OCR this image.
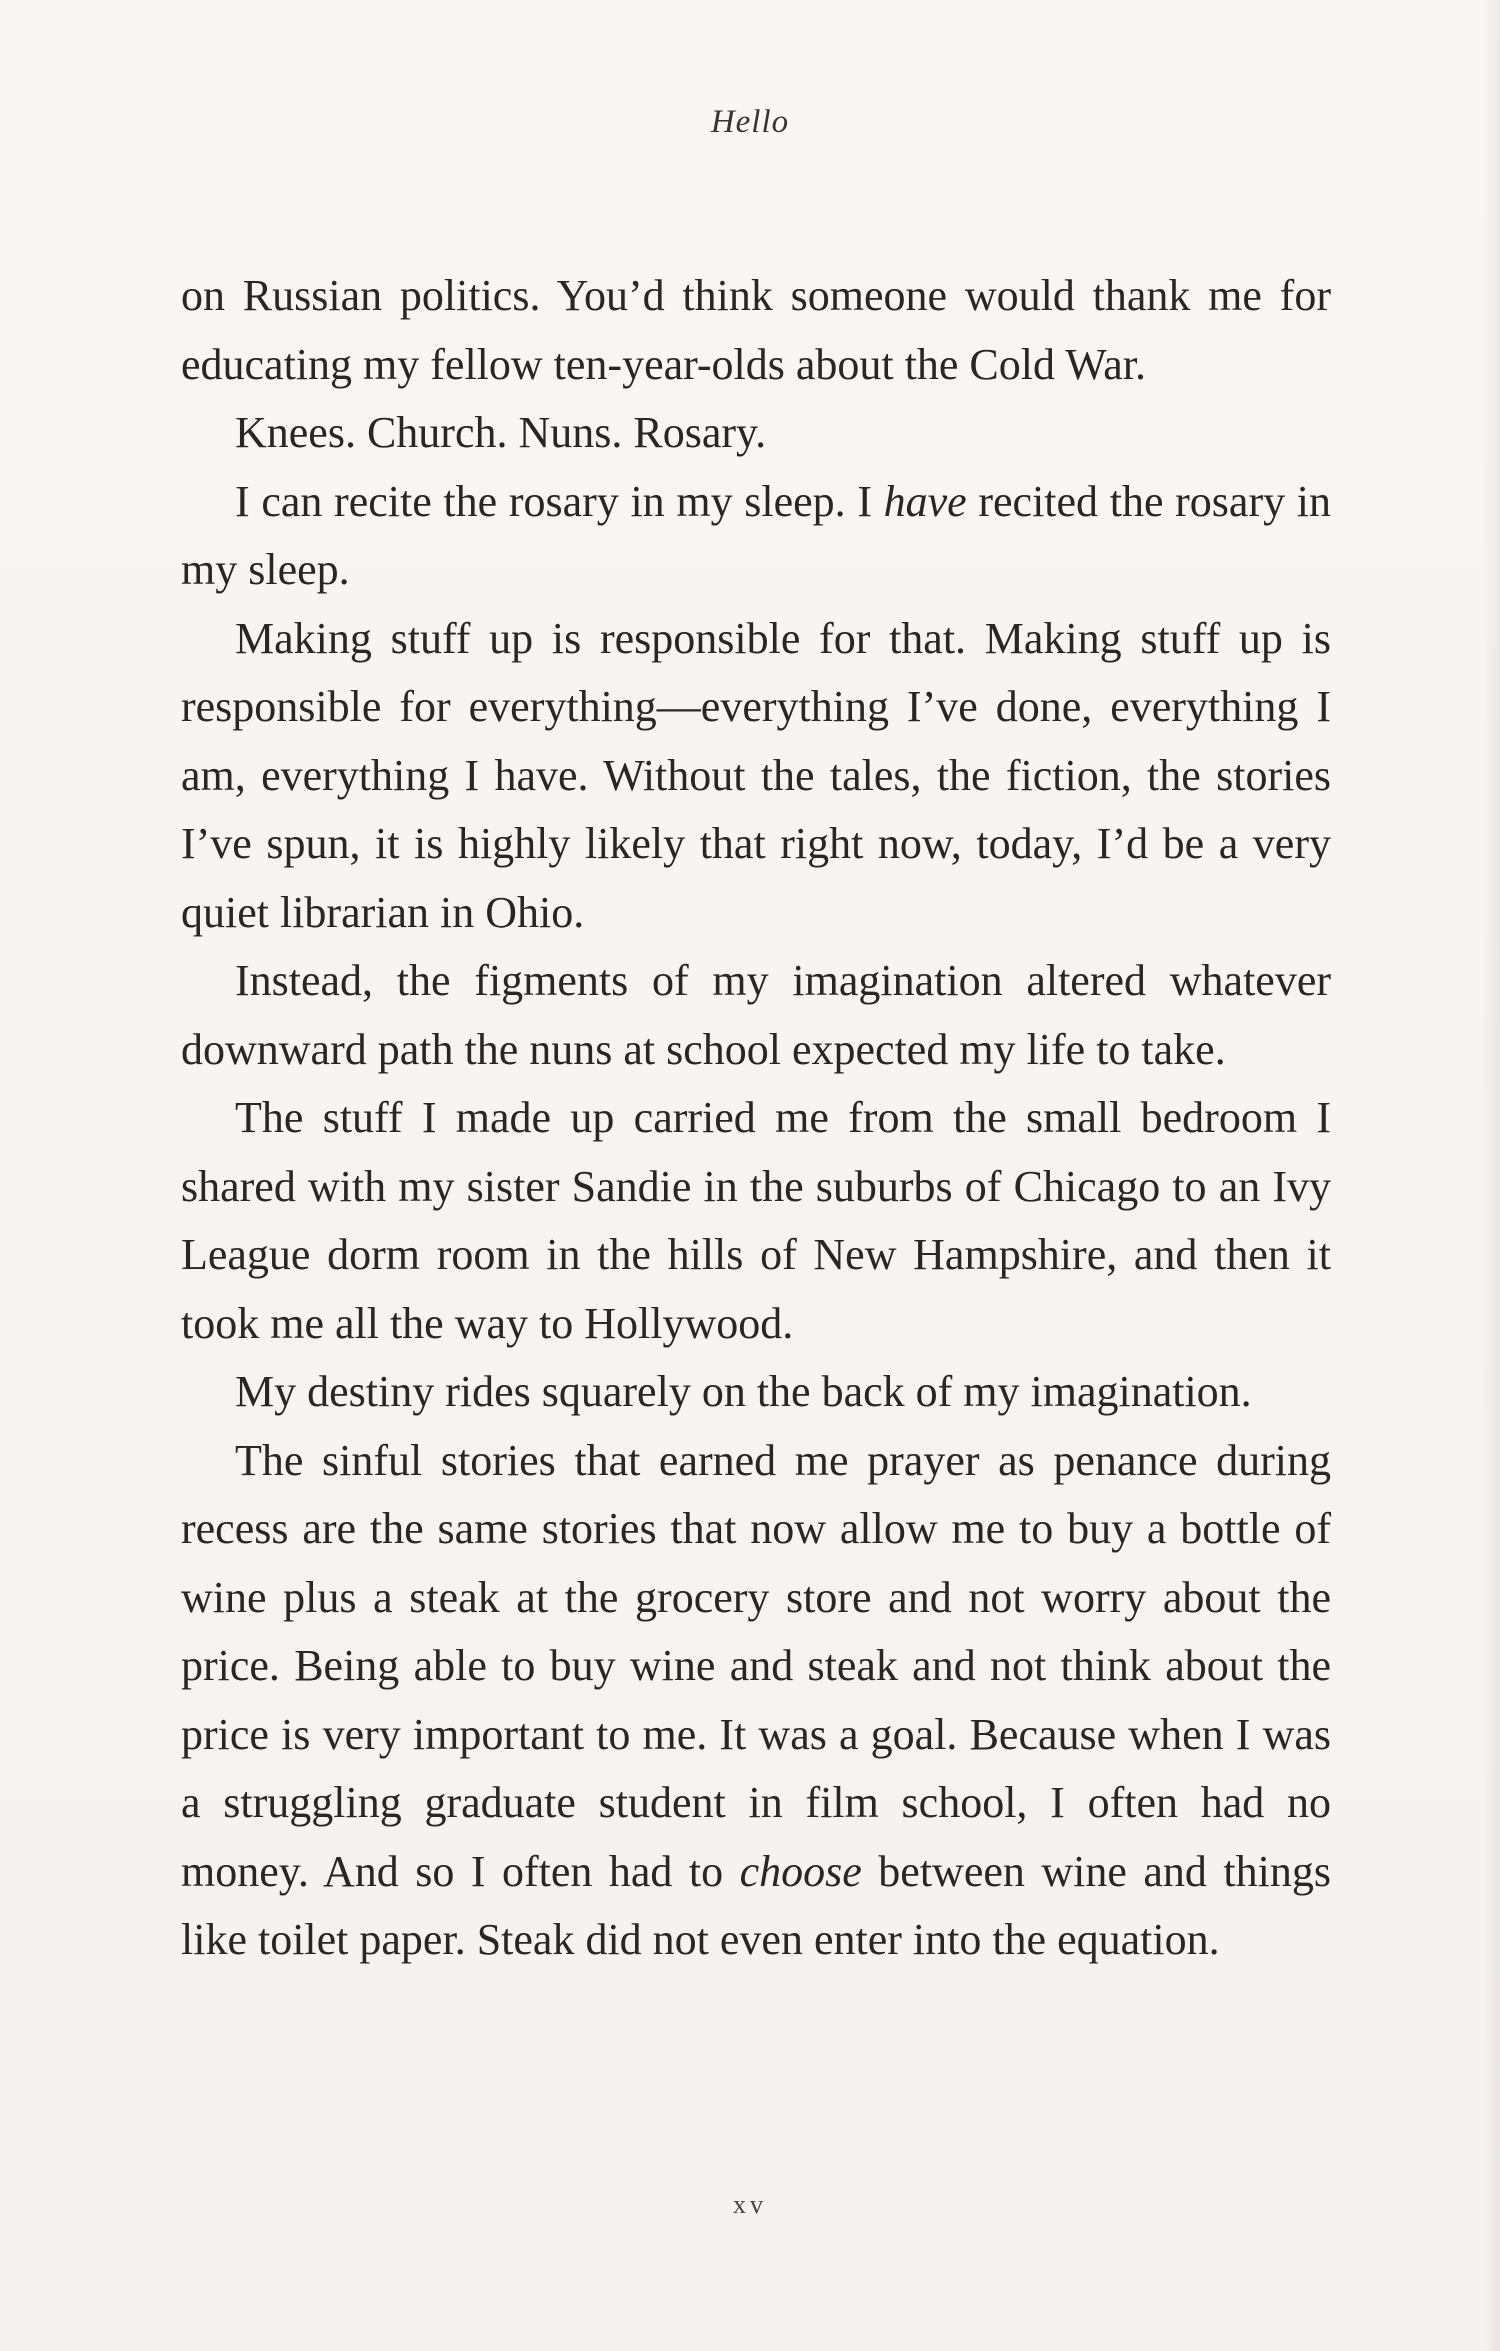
Hello

on Russian politics. You’d think someone would thank me for educating my fellow ten-year-olds about the Cold War.

Knees. Church. Nuns. Rosary.

I can recite the rosary in my sleep. I have recited the rosary in my sleep.

Making stuff up is responsible for that. Making stuff up is responsible for everything—everything I’ve done, everything I am, everything I have. Without the tales, the fiction, the stories I’ve spun, it is highly likely that right now, today, I’d be a very quiet librarian in Ohio.

Instead, the figments of my imagination altered whatever downward path the nuns at school expected my life to take.

The stuff I made up carried me from the small bedroom I shared with my sister Sandie in the suburbs of Chicago to an Ivy League dorm room in the hills of New Hampshire, and then it took me all the way to Hollywood.

My destiny rides squarely on the back of my imagination.

The sinful stories that earned me prayer as penance during recess are the same stories that now allow me to buy a bottle of wine plus a steak at the grocery store and not worry about the price. Being able to buy wine and steak and not think about the price is very important to me. It was a goal. Because when I was a struggling graduate student in film school, I often had no money. And so I often had to choose between wine and things like toilet paper. Steak did not even enter into the equation.

xv
